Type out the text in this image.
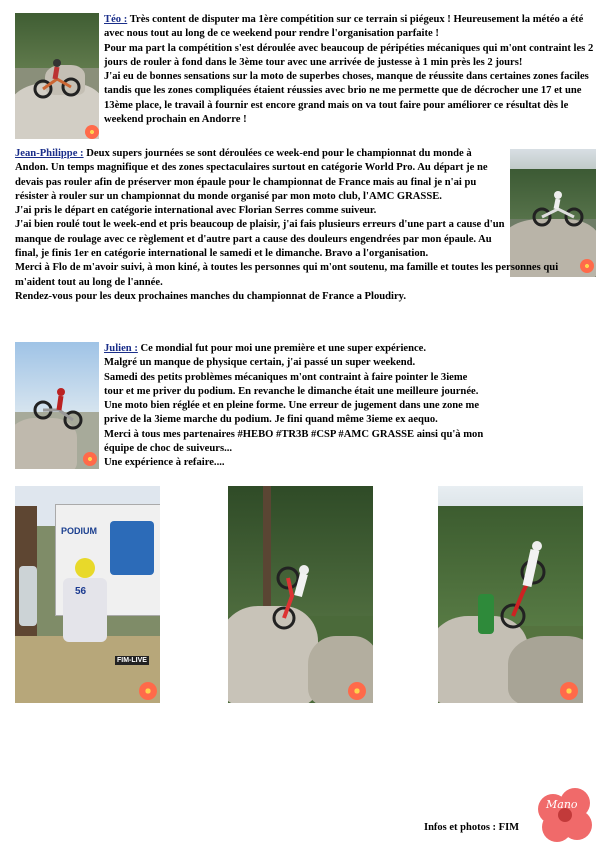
Téo : Très content de disputer ma 1ère compétition sur ce terrain si piégeux ! Heureusement la météo a été avec nous tout au long de ce weekend pour rendre l'organisation parfaite !

Pour ma part la compétition s'est déroulée avec beaucoup de péripéties mécaniques qui m'ont contraint les 2 jours de rouler à fond dans le 3ème tour avec une arrivée de justesse à 1 min près les 2 jours!

J'ai eu de bonnes sensations sur la moto de superbes choses, manque de réussite dans certaines zones faciles tandis que les zones compliquées étaient réussies avec brio ne me permette que de décrocher une 17 et une 13ème place, le travail à fournir est encore grand mais on va tout faire pour améliorer ce résultat dès le weekend prochain en Andorre !

Jean-Philippe : Deux supers journées se sont déroulées ce week-end pour le championnat du monde à Andon. Un temps magnifique et des zones spectaculaires surtout en catégorie World Pro. Au départ je ne devais pas rouler afin de préserver mon épaule pour le championnat de France mais au final je n'ai pu résister à rouler sur un championnat du monde organisé par mon moto club, l'AMC GRASSE.

J'ai pris le départ en catégorie international avec Florian Serres comme suiveur.

J'ai bien roulé tout le week-end et pris beaucoup de plaisir, j'ai fais plusieurs erreurs d'une part a cause d'un manque de roulage avec ce règlement et d'autre part a cause des douleurs engendrées par mon épaule. Au final, je finis 1er en catégorie international le samedi et le dimanche. Bravo a l'organisation.

Merci à Flo de m'avoir suivi, à mon kiné, à toutes les personnes qui m'ont soutenu, ma famille et toutes les personnes qui m'aident tout au long de l'année.

Rendez-vous pour les deux prochaines manches du championnat de France a Ploudiry.

Julien : Ce mondial fut pour moi une première et une super expérience.

Malgré un manque de physique certain, j'ai passé un super weekend.

Samedi des petits problèmes mécaniques m'ont contraint à faire pointer le 3ieme tour et me priver du podium. En revanche le dimanche était une meilleure journée. Une moto bien réglée et en pleine forme. Une erreur de jugement dans une zone me prive de la 3ieme marche du podium. Je fini quand même 3ieme ex aequo.

Merci à tous mes partenaires #HEBO #TR3B #CSP #AMC GRASSE ainsi qu'à mon équipe de choc de suiveurs...

Une expérience à refaire....

PODIUM
56
FIM-LIVE
Mano
Infos et photos : FIM
